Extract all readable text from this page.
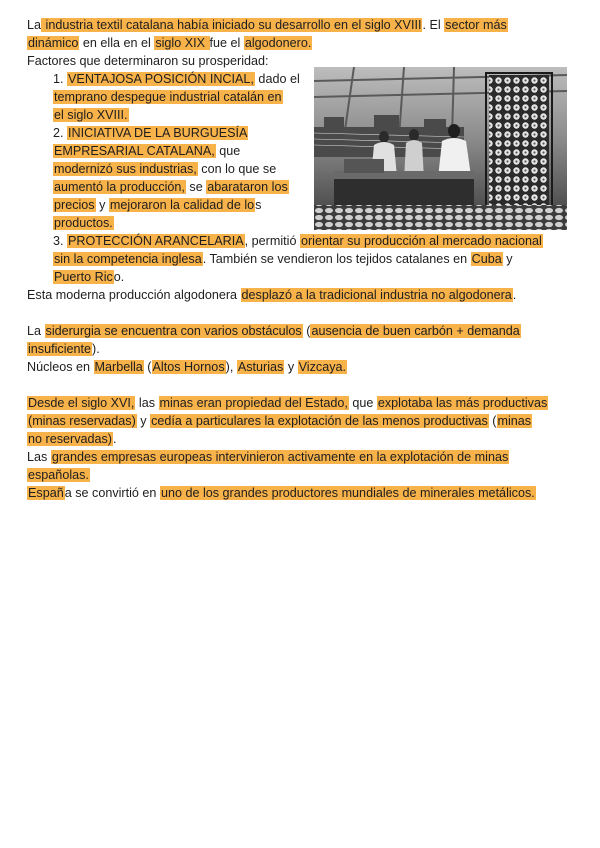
La industria textil catalana había iniciado su desarrollo en el siglo XVIII. El sector más
dinámico en ella en el siglo XIX fue el algodonero.
Factores que determinaron su prosperidad:
1. VENTAJOSA POSICIÓN INCIAL, dado el
temprano despegue industrial catalán en
el siglo XVIII.
2. INICIATIVA DE LA BURGUESÍA
EMPRESARIAL CATALANA, que
modernizó sus industrias, con lo que se
aumentó la producción, se abarataron los
precios y mejoraron la calidad de los
productos.
3. PROTECCIÓN ARANCELARIA, permitió orientar su producción al mercado nacional
sin la competencia inglesa. También se vendieron los tejidos catalanes en Cuba y
Puerto Rico.
Esta moderna producción algodonera desplazó a la tradicional industria no algodonera.
La siderurgia se encuentra con varios obstáculos (ausencia de buen carbón + demanda
insuficiente).
Núcleos en Marbella (Altos Hornos), Asturias y Vizcaya.
Desde el siglo XVI, las minas eran propiedad del Estado, que explotaba las más productivas
(minas reservadas) y cedía a particulares la explotación de las menos productivas (minas
no reservadas).
Las grandes empresas europeas intervinieron activamente en la explotación de minas
españolas.
España se convirtió en uno de los grandes productores mundiales de minerales metálicos.
